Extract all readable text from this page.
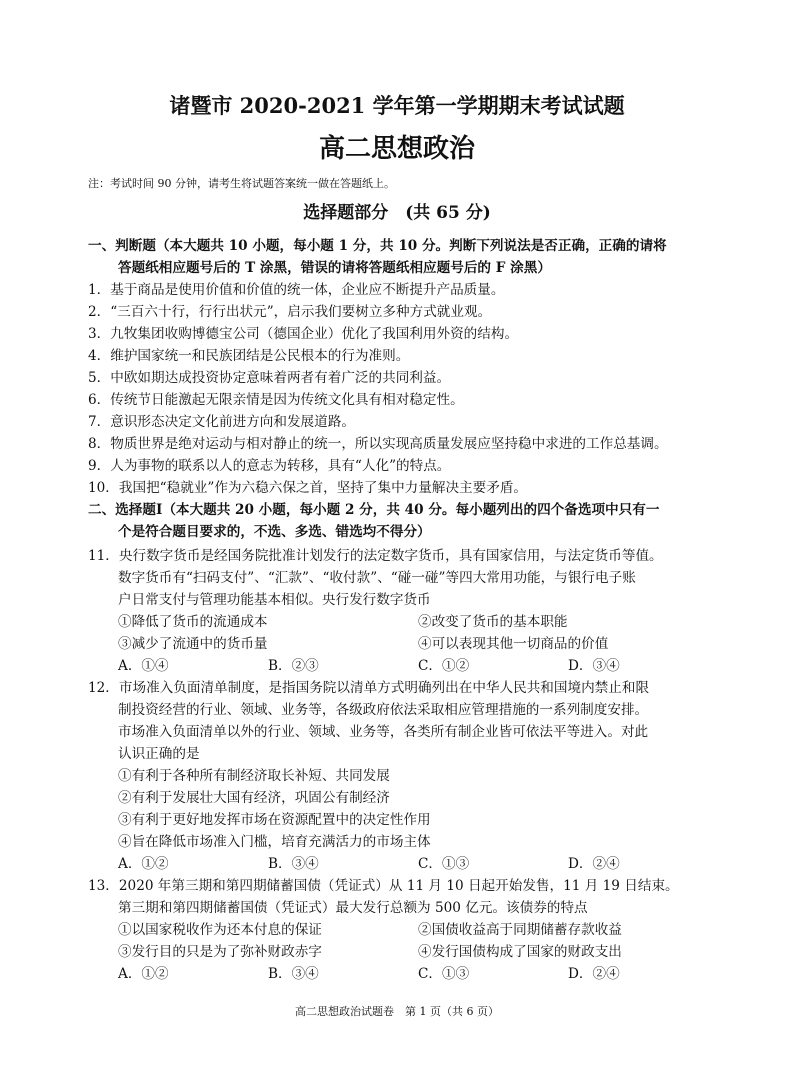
诸暨市 2020-2021 学年第一学期期末考试试题
高二思想政治
注：考试时间 90 分钟，请考生将试题答案统一做在答题纸上。
选择题部分　(共 65 分)
一、判断题（本大题共 10 小题，每小题 1 分，共 10 分。判断下列说法是否正确，正确的请将
答题纸相应题号后的 T 涂黑，错误的请将答题纸相应题号后的 F 涂黑）
1．基于商品是使用价值和价值的统一体，企业应不断提升产品质量。
2．“三百六十行，行行出状元”，启示我们要树立多种方式就业观。
3．九牧集团收购博德宝公司（德国企业）优化了我国利用外资的结构。
4．维护国家统一和民族团结是公民根本的行为准则。
5．中欧如期达成投资协定意味着两者有着广泛的共同利益。
6．传统节日能激起无限亲情是因为传统文化具有相对稳定性。
7．意识形态决定文化前进方向和发展道路。
8．物质世界是绝对运动与相对静止的统一，所以实现高质量发展应坚持稳中求进的工作总基调。
9．人为事物的联系以人的意志为转移，具有“人化”的特点。
10．我国把“稳就业”作为六稳六保之首，坚持了集中力量解决主要矛盾。
二、选择题Ⅰ（本大题共 20 小题，每小题 2 分，共 40 分。每小题列出的四个备选项中只有一
个是符合题目要求的，不选、多选、错选均不得分）
11．央行数字货币是经国务院批准计划发行的法定数字货币，具有国家信用，与法定货币等值。
数字货币有“扫码支付”、“汇款”、“收付款”、“碰一碰”等四大常用功能，与银行电子账
户日常支付与管理功能基本相似。央行发行数字货币
①降低了货币的流通成本	②改变了货币的基本职能
③减少了流通中的货币量	④可以表现其他一切商品的价值
A．①④	B．②③	C．①②	D．③④
12．市场准入负面清单制度，是指国务院以清单方式明确列出在中华人民共和国境内禁止和限
制投资经营的行业、领域、业务等，各级政府依法采取相应管理措施的一系列制度安排。
市场准入负面清单以外的行业、领域、业务等，各类所有制企业皆可依法平等进入。对此
认识正确的是
①有利于各种所有制经济取长补短、共同发展
②有利于发展壮大国有经济，巩固公有制经济
③有利于更好地发挥市场在资源配置中的决定性作用
④旨在降低市场准入门槛，培育充满活力的市场主体
A．①②	B．③④	C．①③	D．②④
13．2020 年第三期和第四期储蓄国债（凭证式）从 11 月 10 日起开始发售，11 月 19 日结束。
第三期和第四期储蓄国债（凭证式）最大发行总额为 500 亿元。该债券的特点
①以国家税收作为还本付息的保证	②国债收益高于同期储蓄存款收益
③发行目的只是为了弥补财政赤字	④发行国债构成了国家的财政支出
A．①②	B．③④	C．①③	D．②④
高二思想政治试题卷　第 1 页（共 6 页）
